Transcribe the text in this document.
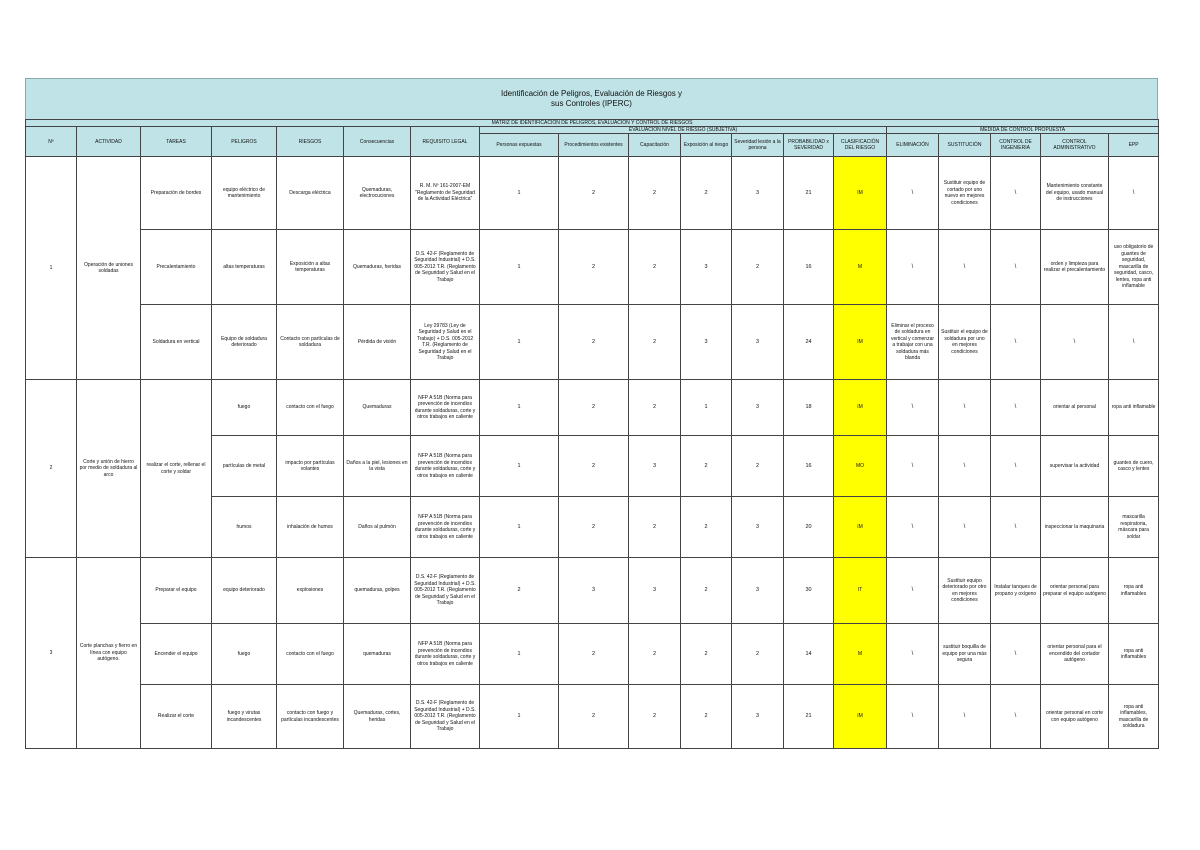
Identificación de Peligros, Evaluación de Riesgos y
sus Controles (IPERC)
MATRIZ DE IDENTIFICACIÓN DE PELIGROS, EVALUACIÓN Y CONTROL DE RIESGOS																		
Nº	ACTIVIDAD	TAREAS	PELIGROS	RIESGOS	Consecuencias	REQUISITO LEGAL	EVALUACIÓN NIVEL DE RIESGO (SUBJETIVA)							MEDIDA DE CONTROL PROPUESTA				
							Personas expuestas	Procedimientos existentes	Capacitación	Exposición al riesgo	Severidad lesión a la persona	PROBABILIDAD x SEVERIDAD	CLASIFICACIÓN DEL RIESGO	ELIMINACIÓN	SUSTITUCIÓN	CONTROL DE INGENIERIA	CONTROL ADMINISTRATIVO	EPP
1	Operación de uniones soldadas	Preparación de bordes	equipo eléctrico de mantenimiento	Descarga eléctrica	Quemaduras, electrocuciones	R. M. Nº 161-2007-EM "Reglamento de Seguridad de la Actividad Eléctrica"	1	2	2	2	3	21	IM	\	Sustituir equipo de cortado por uno nuevo en mejores condiciones	\	Mantenimiento constante del equipo, usado manual de instrucciones	\
		Precalentamiento	altas temperaturas	Exposición a altas temperaturas	Quemaduras, heridas	D.S. 42-F (Reglamento de Seguridad Industrial) + D.S. 005-2012 T.R. (Reglamento de Seguridad y Salud en el Trabajo	1	2	2	3	2	16	M	\	\	\	orden y limpieza para realizar el precalentamiento	uso obligatorio de guantes de seguridad, mascarilla de seguridad, casco, lentes, ropa anti inflamable
		Soldadura en vertical	Equipo de soldadura deteriorado	Contacto con partículas de soldadura	Pérdida de visión	Ley 29783 (Ley de Seguridad y Salud en el Trabajo) + D.S. 005-2012 T.R. (Reglamento de Seguridad y Salud en el Trabajo	1	2	2	3	3	24	IM	Eliminar el proceso de soldadura en vertical y comenzar a trabajar con una soldadura más blanda	Sustituir el equipo de soldadura por uno en mejores condiciones	\	\	\
2	Corte y unión de hierro por medio de soldadura al arco	realizar el corte, rellenar el corte y soldar	fuego	contacto con el fuego	Quemaduras	NFP A 51B (Norma para prevención de incendios durante soldaduras, corte y otros trabajos en caliente	1	2	2	1	3	18	IM	\	\	\	orientar al personal	ropa anti inflamable
			partículas de metal	impacto por partículas volantes	Daños a la piel, lesiones en la vista	NFP A 51B (Norma para prevención de incendios durante soldaduras, corte y otros trabajos en caliente	1	2	3	2	2	16	MO	\	\	\	supervisar la actividad	guantes de cuero, casco y lentes
			humos	inhalación de humos	Daños al pulmón	NFP A 51B (Norma para prevención de incendios durante soldaduras, corte y otros trabajos en caliente	1	2	2	2	3	20	IM	\	\	\	inspeccionar la maquinaria	mascarilla respiratoria, máscara para soldar
3	Corte planchas y fierro en línea con equipo autógeno.	Preparar el equipo	equipo deteriorado	explosiones	quemaduras, golpes	D.S. 42-F (Reglamento de Seguridad Industrial) + D.S. 005-2012 T.R. (Reglamento de Seguridad y Salud en el Trabajo	2	3	3	2	3	30	IT	\	Sustituir equipo deteriorado por otro en mejores condiciones	Instalar tanques de propano y oxígeno	orientar personal para preparar el equipo autógeno	ropa anti inflamables
		Encender el equipo	fuego	contacto con el fuego	quemaduras	NFP A 51B (Norma para prevención de incendios durante soldaduras, corte y otros trabajos en caliente	1	2	2	2	2	14	M	\	sustituir boquilla de equipo por una más segura	\	orientar personal para el encendido del cortador autógeno	ropa anti inflamables
		Realizar el corte	fuego y virutas incandescentes	contacto con fuego y partículas incandescentes	Quemaduras, cortes, heridas	D.S. 42-F (Reglamento de Seguridad Industrial) + D.S. 005-2012 T.R. (Reglamento de Seguridad y Salud en el Trabajo	1	2	2	2	3	21	IM	\	\	\	orientar personal en corte con equipo autógeno	ropa anti inflamables, mascarilla de soldadura
